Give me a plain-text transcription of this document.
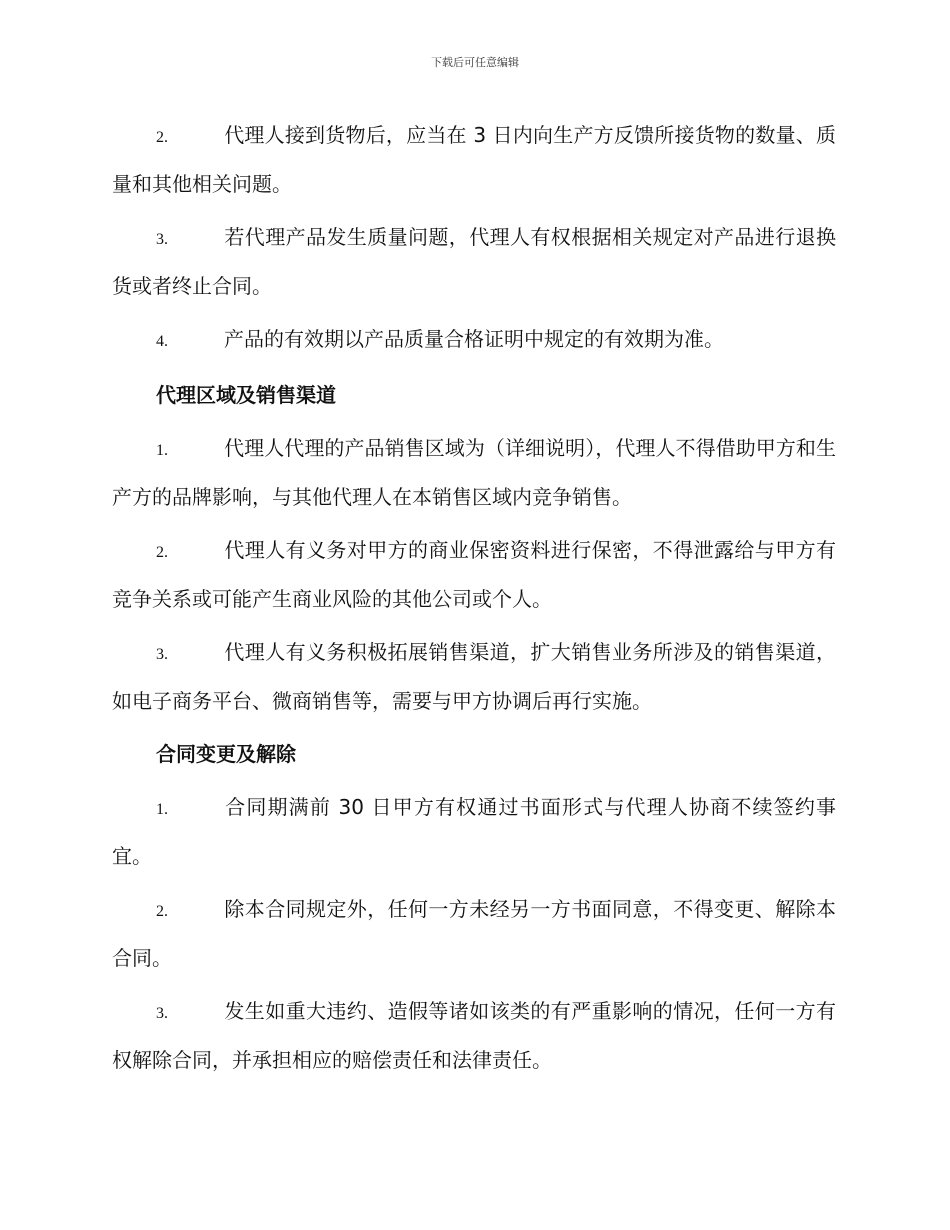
下载后可任意编辑

2.	代理人接到货物后，应当在 3 日内向生产方反馈所接货物的数量、质量和其他相关问题。

3.	若代理产品发生质量问题，代理人有权根据相关规定对产品进行退换货或者终止合同。

4.	产品的有效期以产品质量合格证明中规定的有效期为准。

代理区域及销售渠道

1.	代理人代理的产品销售区域为（详细说明），代理人不得借助甲方和生产方的品牌影响，与其他代理人在本销售区域内竞争销售。

2.	代理人有义务对甲方的商业保密资料进行保密，不得泄露给与甲方有竞争关系或可能产生商业风险的其他公司或个人。

3.	代理人有义务积极拓展销售渠道，扩大销售业务所涉及的销售渠道，如电子商务平台、微商销售等，需要与甲方协调后再行实施。

合同变更及解除

1.	合同期满前 30 日甲方有权通过书面形式与代理人协商不续签约事宜。

2.	除本合同规定外，任何一方未经另一方书面同意，不得变更、解除本合同。

3.	发生如重大违约、造假等诸如该类的有严重影响的情况，任何一方有权解除合同，并承担相应的赔偿责任和法律责任。
